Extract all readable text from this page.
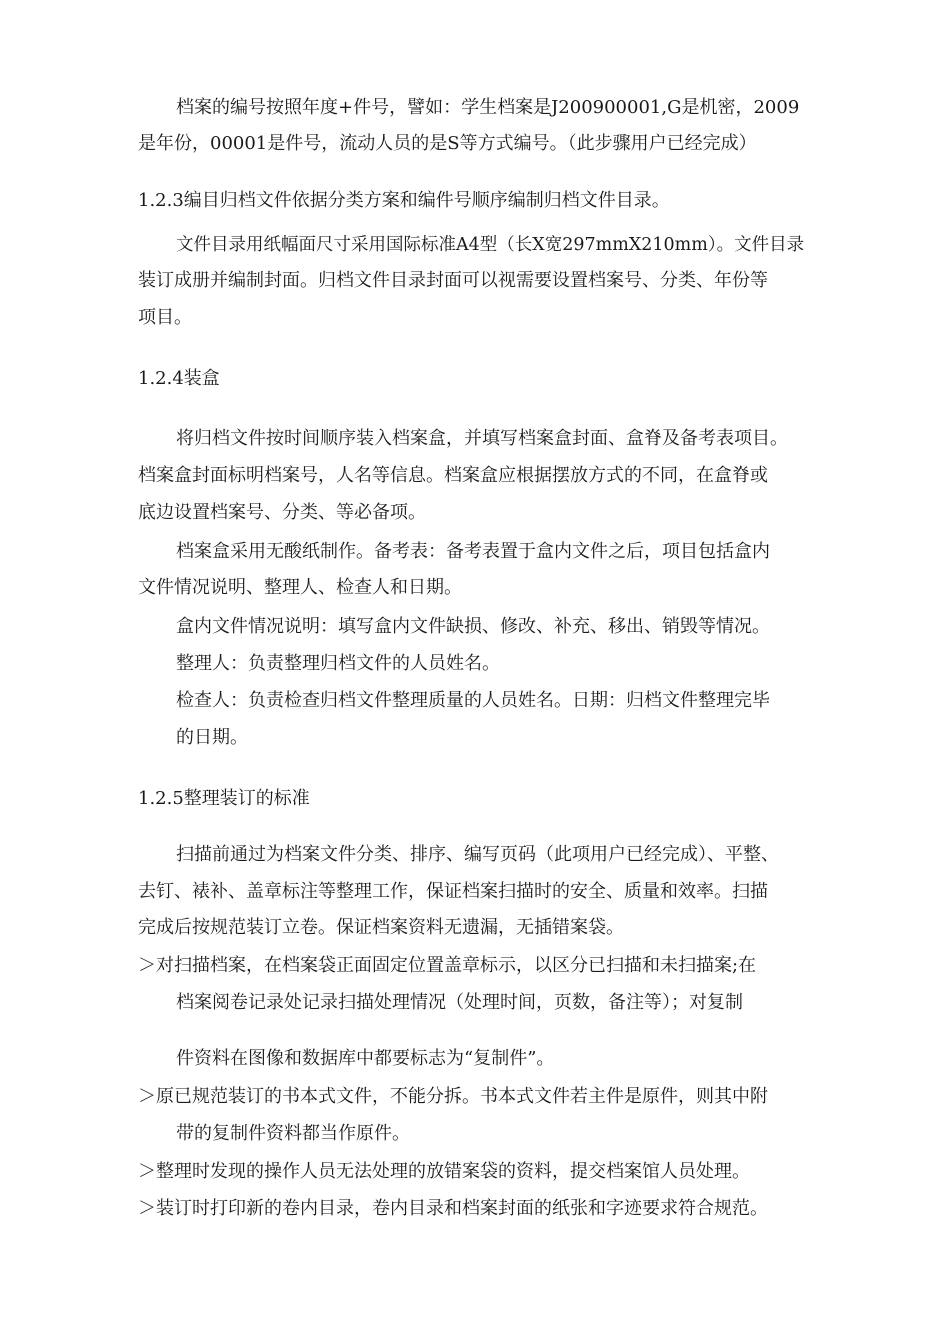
档案的编号按照年度+件号，譬如：学生档案是J200900001,G是机密，2009
是年份，00001是件号，流动人员的是S等方式编号。（此步骤用户已经完成）
1.2.3编目归档文件依据分类方案和编件号顺序编制归档文件目录。
文件目录用纸幅面尺寸采用国际标准A4型（长X宽297mmX210mm）。文件目录
装订成册并编制封面。归档文件目录封面可以视需要设置档案号、分类、年份等
项目。
1.2.4装盒
将归档文件按时间顺序装入档案盒，并填写档案盒封面、盒脊及备考表项目。
档案盒封面标明档案号，人名等信息。档案盒应根据摆放方式的不同，在盒脊或
底边设置档案号、分类、等必备项。
档案盒采用无酸纸制作。备考表：备考表置于盒内文件之后，项目包括盒内
文件情况说明、整理人、检查人和日期。
盒内文件情况说明：填写盒内文件缺损、修改、补充、移出、销毁等情况。
整理人：负责整理归档文件的人员姓名。
检查人：负责检查归档文件整理质量的人员姓名。日期：归档文件整理完毕
的日期。
1.2.5整理装订的标准
扫描前通过为档案文件分类、排序、编写页码（此项用户已经完成）、平整、
去钉、裱补、盖章标注等整理工作，保证档案扫描时的安全、质量和效率。扫描
完成后按规范装订立卷。保证档案资料无遗漏，无插错案袋。
＞对扫描档案，在档案袋正面固定位置盖章标示，以区分已扫描和未扫描案;在
档案阅卷记录处记录扫描处理情况（处理时间，页数，备注等）；对复制
件资料在图像和数据库中都要标志为“复制件”。
＞原已规范装订的书本式文件，不能分拆。书本式文件若主件是原件，则其中附
带的复制件资料都当作原件。
＞整理时发现的操作人员无法处理的放错案袋的资料，提交档案馆人员处理。
＞装订时打印新的卷内目录，卷内目录和档案封面的纸张和字迹要求符合规范。
